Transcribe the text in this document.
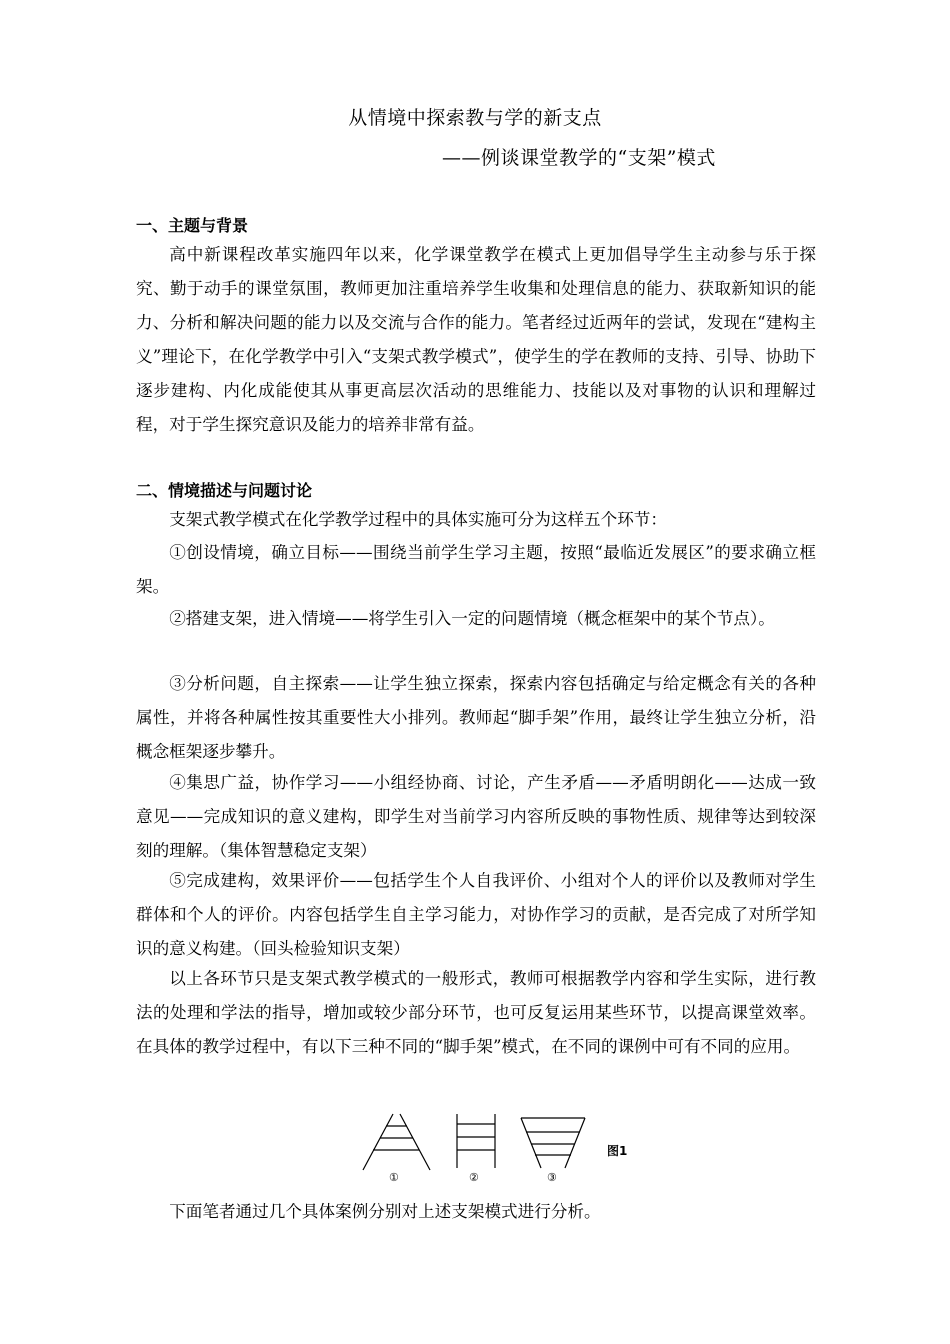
从情境中探索教与学的新支点
——例谈课堂教学的“支架”模式
一、主题与背景
高中新课程改革实施四年以来，化学课堂教学在模式上更加倡导学生主动参与乐于探究、勤于动手的课堂氛围，教师更加注重培养学生收集和处理信息的能力、获取新知识的能力、分析和解决问题的能力以及交流与合作的能力。笔者经过近两年的尝试，发现在“建构主义”理论下，在化学教学中引入“支架式教学模式”，使学生的学在教师的支持、引导、协助下逐步建构、内化成能使其从事更高层次活动的思维能力、技能以及对事物的认识和理解过程，对于学生探究意识及能力的培养非常有益。
二、情境描述与问题讨论
支架式教学模式在化学教学过程中的具体实施可分为这样五个环节：
①创设情境，确立目标——围绕当前学生学习主题，按照“最临近发展区”的要求确立框架。
②搭建支架，进入情境——将学生引入一定的问题情境（概念框架中的某个节点）。
③分析问题，自主探索——让学生独立探索，探索内容包括确定与给定概念有关的各种属性，并将各种属性按其重要性大小排列。教师起“脚手架”作用，最终让学生独立分析，沿概念框架逐步攀升。
④集思广益，协作学习——小组经协商、讨论，产生矛盾——矛盾明朗化——达成一致意见——完成知识的意义建构，即学生对当前学习内容所反映的事物性质、规律等达到较深刻的理解。（集体智慧稳定支架）
⑤完成建构，效果评价——包括学生个人自我评价、小组对个人的评价以及教师对学生群体和个人的评价。内容包括学生自主学习能力，对协作学习的贡献，是否完成了对所学知识的意义构建。（回头检验知识支架）
以上各环节只是支架式教学模式的一般形式，教师可根据教学内容和学生实际，进行教法的处理和学法的指导，增加或较少部分环节，也可反复运用某些环节，以提高课堂效率。在具体的教学过程中，有以下三种不同的“脚手架”模式，在不同的课例中可有不同的应用。
①	②	③
图1
下面笔者通过几个具体案例分别对上述支架模式进行分析。
